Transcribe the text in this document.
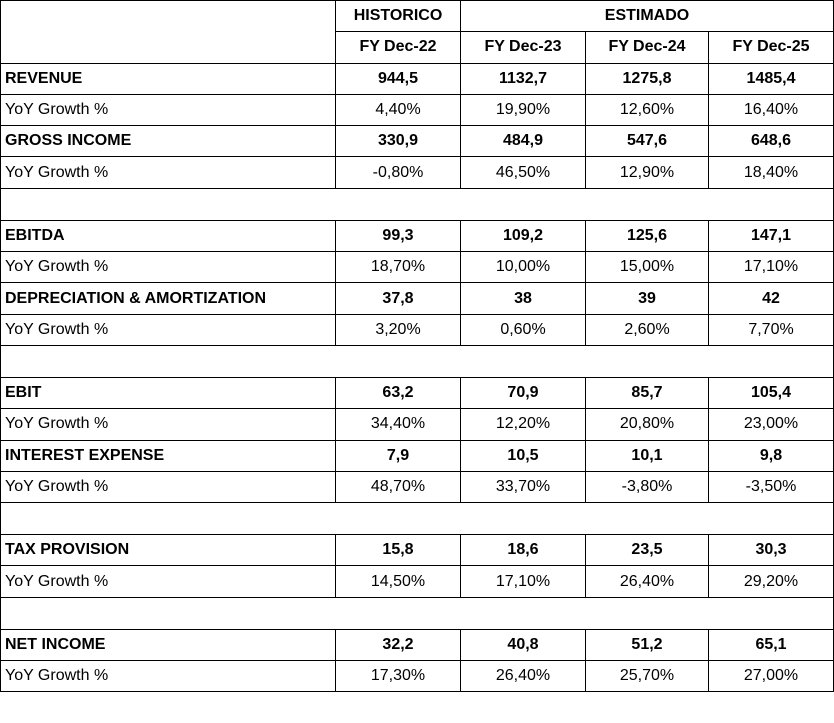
	HISTORICO	ESTIMADO		
	FY Dec-22	FY Dec-23	FY Dec-24	FY Dec-25
REVENUE	944,5	1132,7	1275,8	1485,4
YoY Growth %	4,40%	19,90%	12,60%	16,40%
GROSS INCOME	330,9	484,9	547,6	648,6
YoY Growth %	-0,80%	46,50%	12,90%	18,40%

EBITDA	99,3	109,2	125,6	147,1
YoY Growth %	18,70%	10,00%	15,00%	17,10%
DEPRECIATION & AMORTIZATION	37,8	38	39	42
YoY Growth %	3,20%	0,60%	2,60%	7,70%

EBIT	63,2	70,9	85,7	105,4
YoY Growth %	34,40%	12,20%	20,80%	23,00%
INTEREST EXPENSE	7,9	10,5	10,1	9,8
YoY Growth %	48,70%	33,70%	-3,80%	-3,50%

TAX PROVISION	15,8	18,6	23,5	30,3
YoY Growth %	14,50%	17,10%	26,40%	29,20%

NET INCOME	32,2	40,8	51,2	65,1
YoY Growth %	17,30%	26,40%	25,70%	27,00%
